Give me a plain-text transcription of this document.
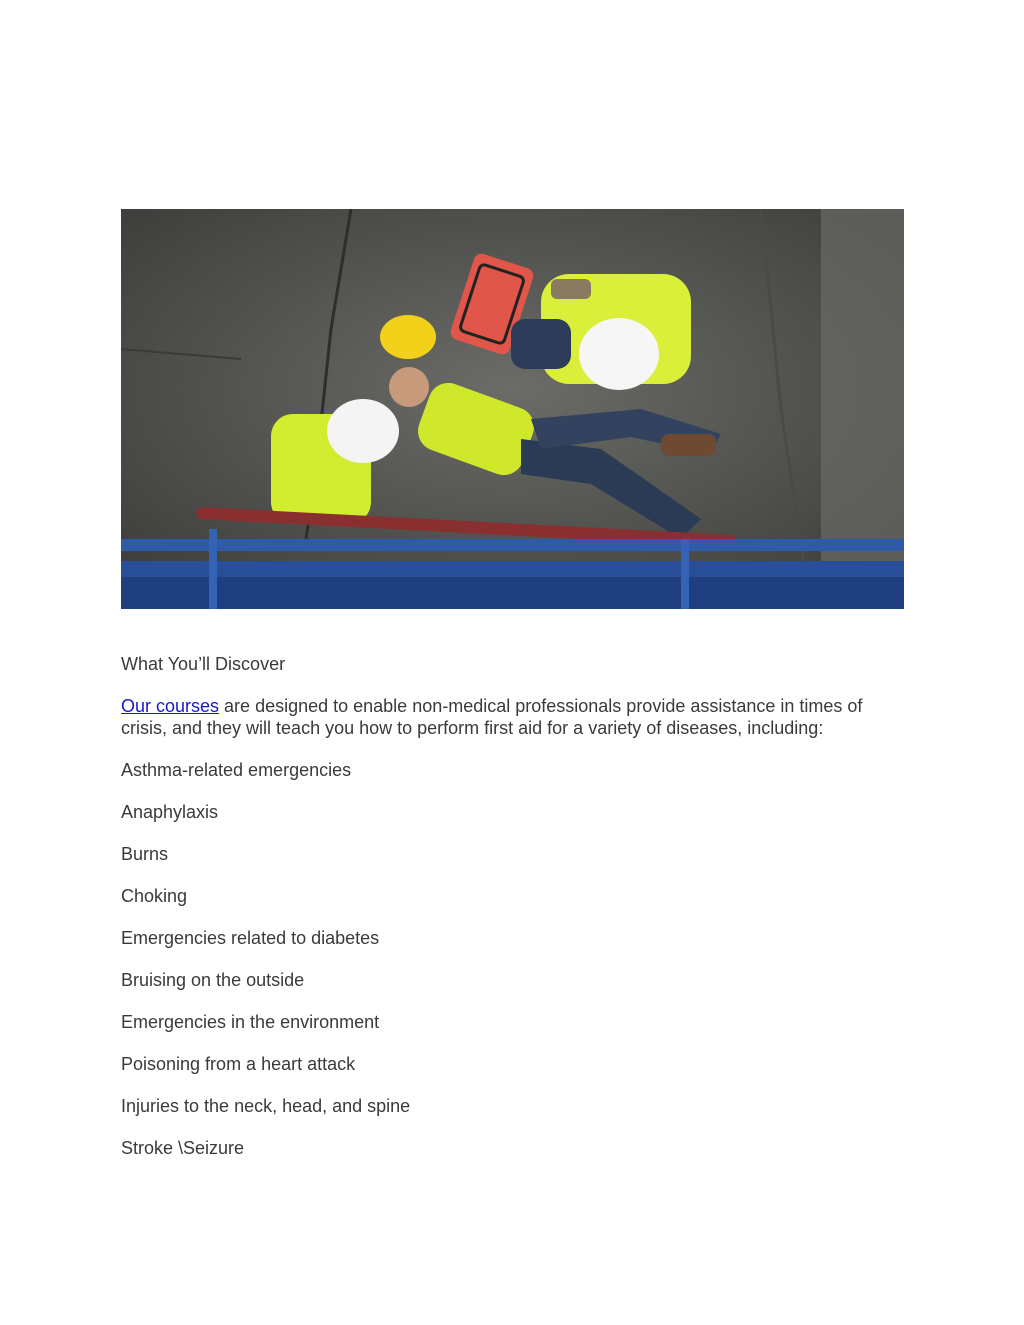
What You’ll Discover

Our courses are designed to enable non-medical professionals provide assistance in times of crisis, and they will teach you how to perform first aid for a variety of diseases, including:

Asthma-related emergencies

Anaphylaxis

Burns

Choking

Emergencies related to diabetes

Bruising on the outside

Emergencies in the environment

Poisoning from a heart attack

Injuries to the neck, head, and spine

Stroke \Seizure
